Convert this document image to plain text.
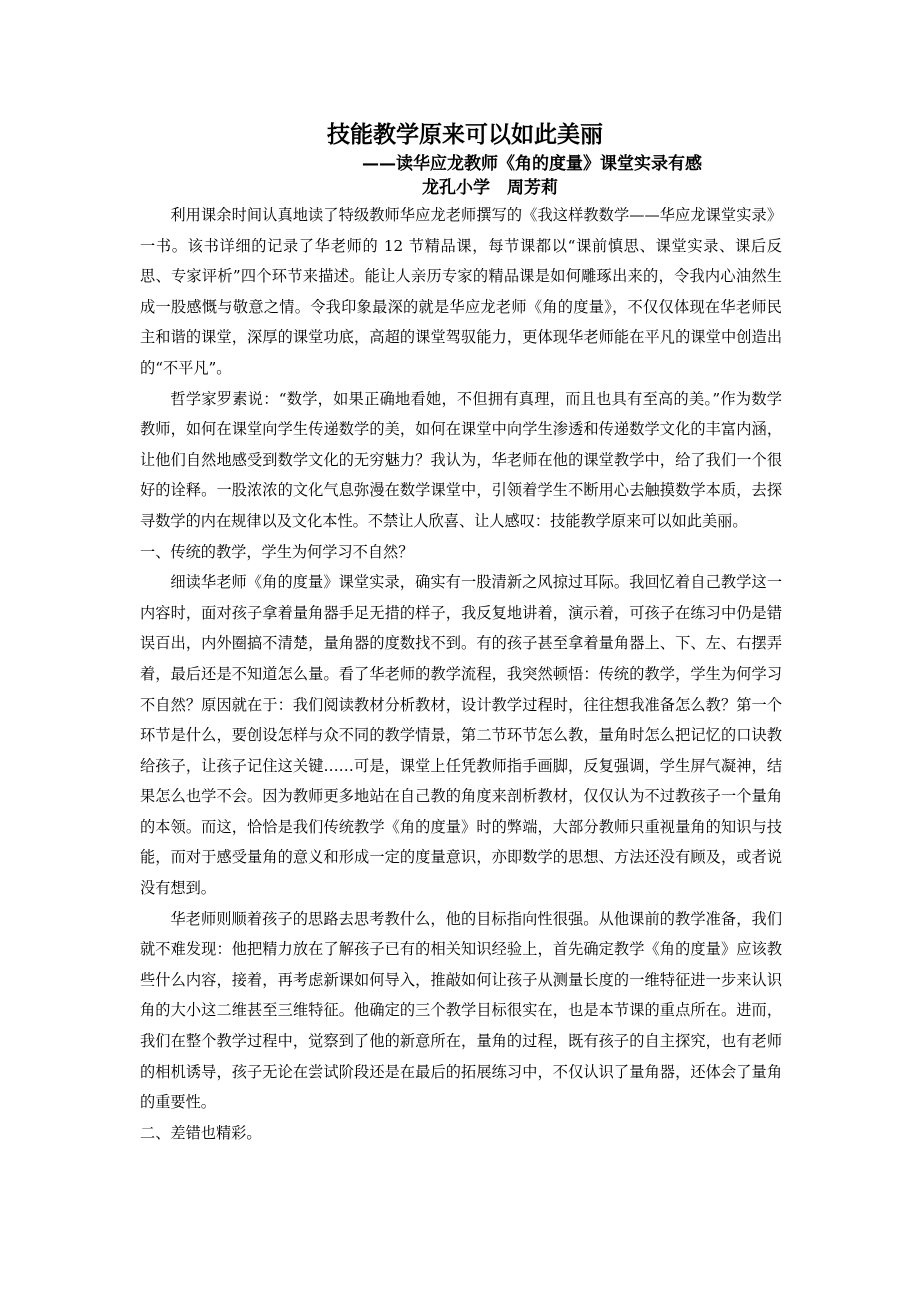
技能教学原来可以如此美丽

——读华应龙教师《角的度量》课堂实录有感

龙孔小学　周芳莉

利用课余时间认真地读了特级教师华应龙老师撰写的《我这样教数学——华应龙课堂实录》一书。该书详细的记录了华老师的 12 节精品课，每节课都以“课前慎思、课堂实录、课后反思、专家评析”四个环节来描述。能让人亲历专家的精品课是如何雕琢出来的，令我内心油然生成一股感慨与敬意之情。令我印象最深的就是华应龙老师《角的度量》，不仅仅体现在华老师民主和谐的课堂，深厚的课堂功底，高超的课堂驾驭能力，更体现华老师能在平凡的课堂中创造出的“不平凡”。

哲学家罗素说：“数学，如果正确地看她，不但拥有真理，而且也具有至高的美。”作为数学教师，如何在课堂向学生传递数学的美，如何在课堂中向学生渗透和传递数学文化的丰富内涵，让他们自然地感受到数学文化的无穷魅力？我认为，华老师在他的课堂教学中，给了我们一个很好的诠释。一股浓浓的文化气息弥漫在数学课堂中，引领着学生不断用心去触摸数学本质，去探寻数学的内在规律以及文化本性。不禁让人欣喜、让人感叹：技能教学原来可以如此美丽。

一、传统的教学，学生为何学习不自然？

细读华老师《角的度量》课堂实录，确实有一股清新之风掠过耳际。我回忆着自己教学这一内容时，面对孩子拿着量角器手足无措的样子，我反复地讲着，演示着，可孩子在练习中仍是错误百出，内外圈搞不清楚，量角器的度数找不到。有的孩子甚至拿着量角器上、下、左、右摆弄着，最后还是不知道怎么量。看了华老师的教学流程，我突然顿悟：传统的教学，学生为何学习不自然？原因就在于：我们阅读教材分析教材，设计教学过程时，往往想我准备怎么教？第一个环节是什么，要创设怎样与众不同的教学情景，第二节环节怎么教，量角时怎么把记忆的口诀教给孩子，让孩子记住这关键……可是，课堂上任凭教师指手画脚，反复强调，学生屏气凝神，结果怎么也学不会。因为教师更多地站在自己教的角度来剖析教材，仅仅认为不过教孩子一个量角的本领。而这，恰恰是我们传统教学《角的度量》时的弊端，大部分教师只重视量角的知识与技能，而对于感受量角的意义和形成一定的度量意识，亦即数学的思想、方法还没有顾及，或者说没有想到。

华老师则顺着孩子的思路去思考教什么，他的目标指向性很强。从他课前的教学准备，我们就不难发现：他把精力放在了解孩子已有的相关知识经验上，首先确定教学《角的度量》应该教些什么内容，接着，再考虑新课如何导入，推敲如何让孩子从测量长度的一维特征进一步来认识角的大小这二维甚至三维特征。他确定的三个教学目标很实在，也是本节课的重点所在。进而，我们在整个教学过程中，觉察到了他的新意所在，量角的过程，既有孩子的自主探究，也有老师的相机诱导，孩子无论在尝试阶段还是在最后的拓展练习中，不仅认识了量角器，还体会了量角的重要性。

二、差错也精彩。
